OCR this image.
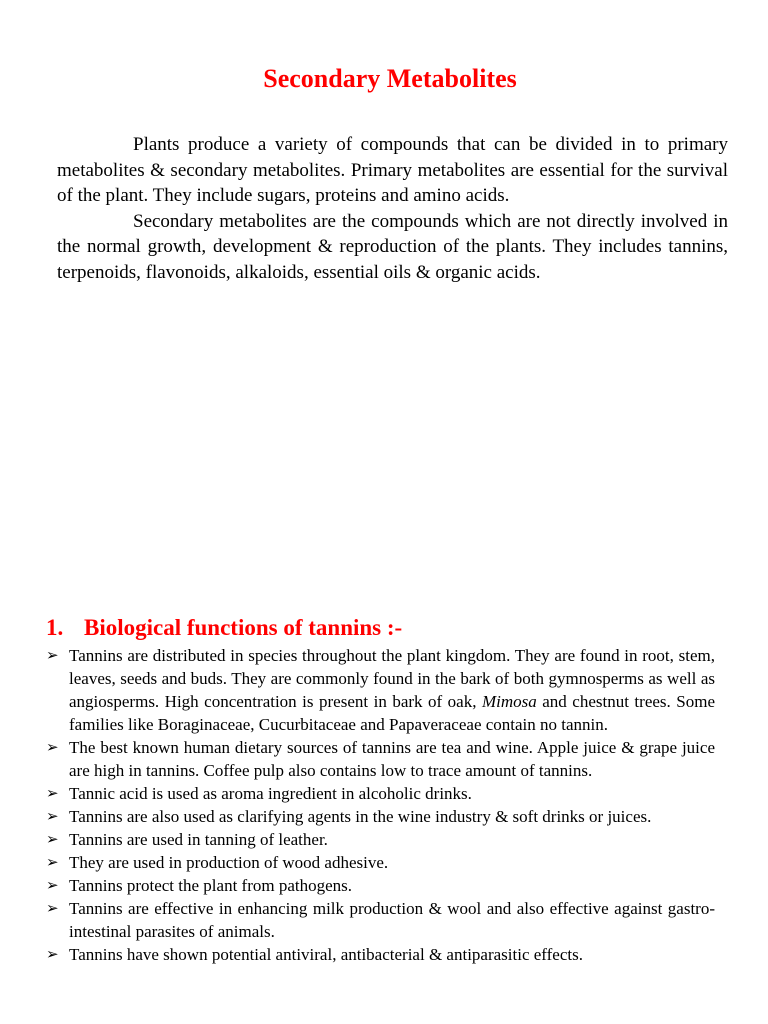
Secondary Metabolites

Plants produce a variety of compounds that can be divided in to primary metabolites & secondary metabolites. Primary metabolites are essential for the survival of the plant. They include sugars, proteins and amino acids.

Secondary metabolites are the compounds which are not directly involved in the normal growth, development & reproduction of the plants. They includes tannins, terpenoids, flavonoids, alkaloids, essential oils & organic acids.

1. Biological functions of tannins :-
➢ Tannins are distributed in species throughout the plant kingdom. They are found in root, stem, leaves, seeds and buds. They are commonly found in the bark of both gymnosperms as well as angiosperms. High concentration is present in bark of oak, Mimosa and chestnut trees. Some families like Boraginaceae, Cucurbitaceae and Papaveraceae contain no tannin.
➢ The best known human dietary sources of tannins are tea and wine. Apple juice & grape juice are high in tannins. Coffee pulp also contains low to trace amount of tannins.
➢ Tannic acid is used as aroma ingredient in alcoholic drinks.
➢ Tannins are also used as clarifying agents in the wine industry & soft drinks or juices.
➢ Tannins are used in tanning of leather.
➢ They are used in production of wood adhesive.
➢ Tannins protect the plant from pathogens.
➢ Tannins are effective in enhancing milk production & wool and also effective against gastro-intestinal parasites of animals.
➢ Tannins have shown potential antiviral, antibacterial & antiparasitic effects.
